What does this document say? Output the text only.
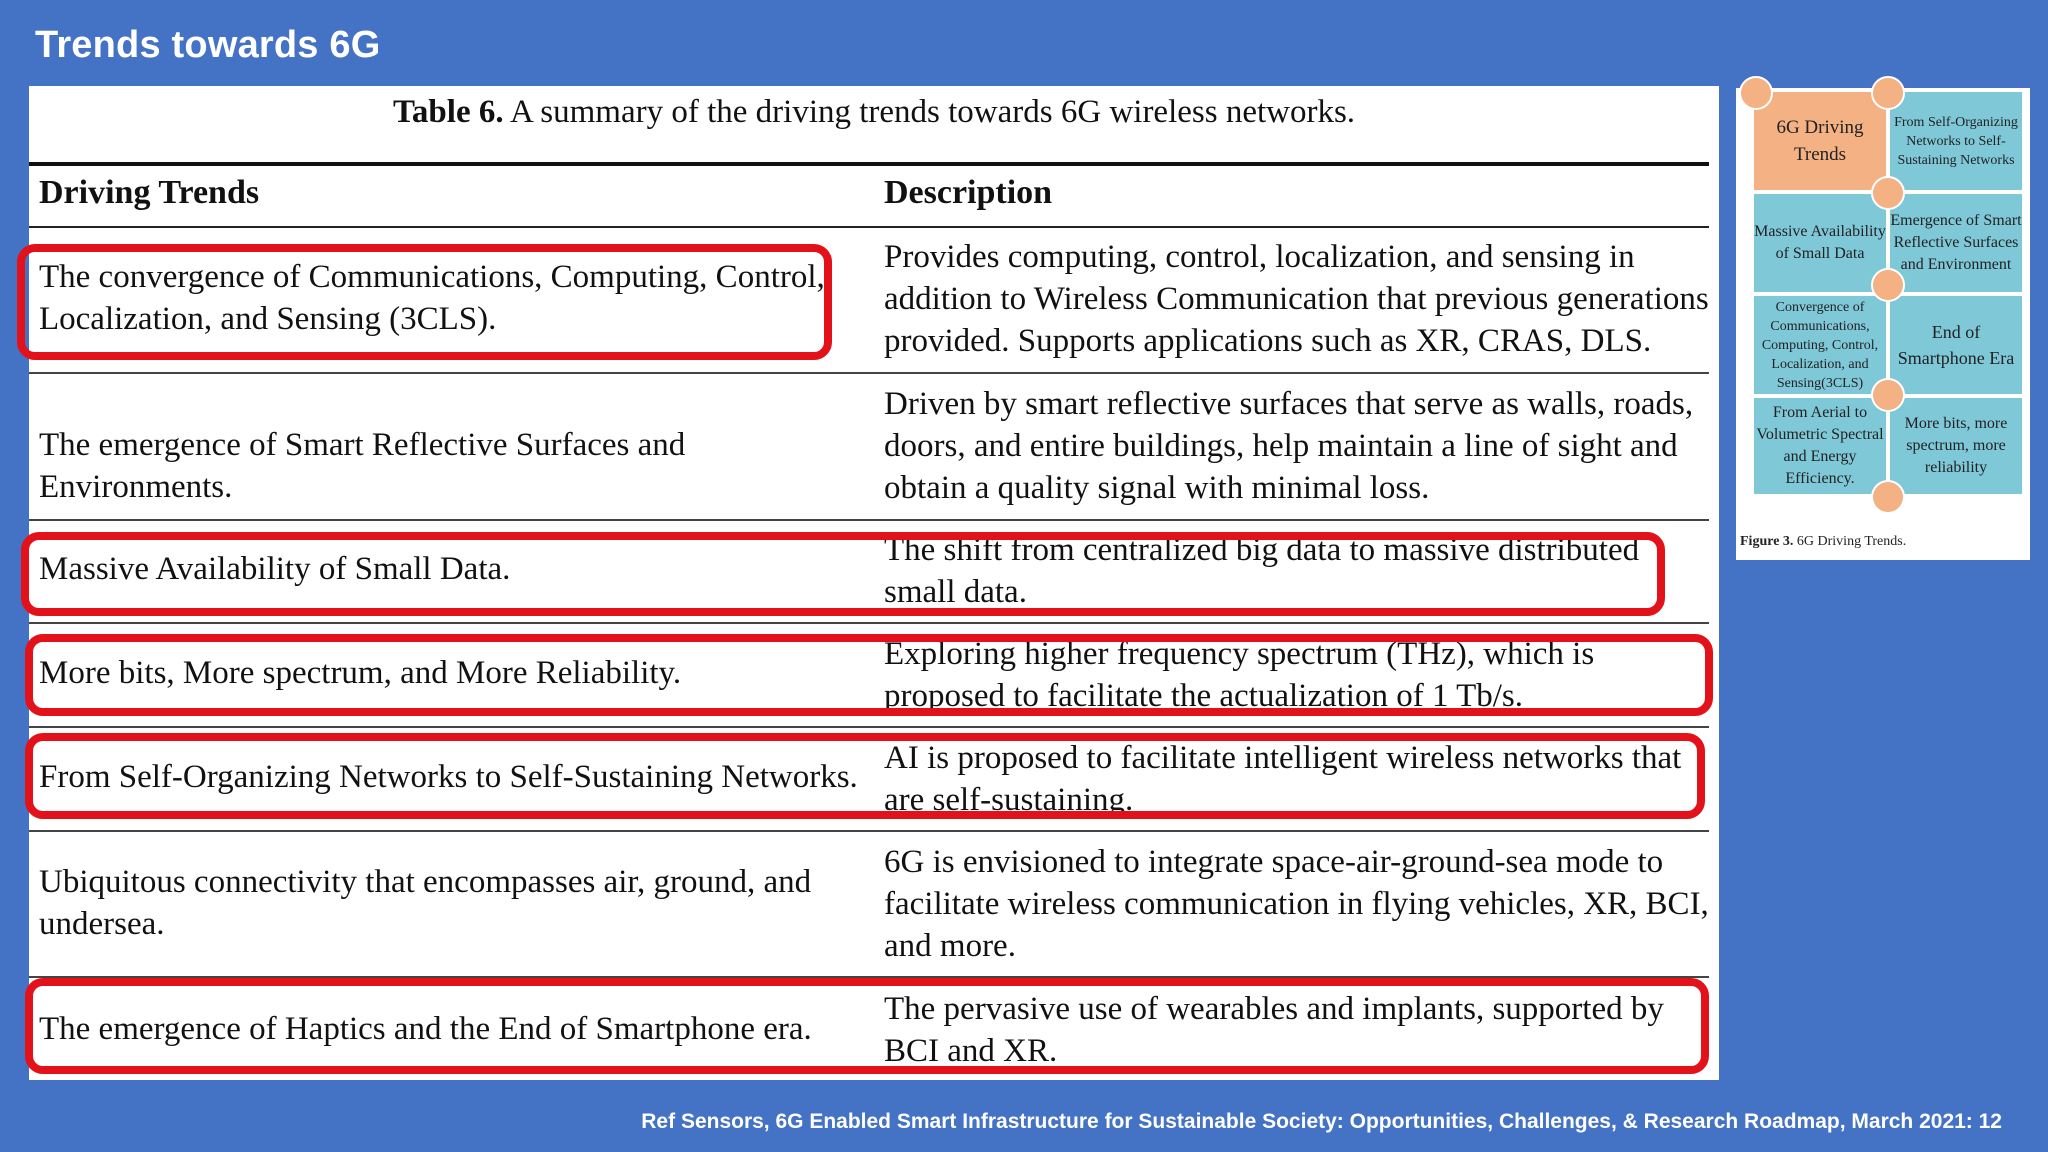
Trends towards 6G
Table 6. A summary of the driving trends towards 6G wireless networks.
Driving Trends	Description
The convergence of Communications, Computing, Control, Localization, and Sensing (3CLS).
Provides computing, control, localization, and sensing in addition to Wireless Communication that previous generations provided. Supports applications such as XR, CRAS, DLS.
The emergence of Smart Reflective Surfaces and Environments.
Driven by smart reflective surfaces that serve as walls, roads, doors, and entire buildings, help maintain a line of sight and obtain a quality signal with minimal loss.
Massive Availability of Small Data.
The shift from centralized big data to massive distributed small data.
More bits, More spectrum, and More Reliability.
Exploring higher frequency spectrum (THz), which is proposed to facilitate the actualization of 1 Tb/s.
From Self-Organizing Networks to Self-Sustaining Networks.
AI is proposed to facilitate intelligent wireless networks that are self-sustaining.
Ubiquitous connectivity that encompasses air, ground, and undersea.
6G is envisioned to integrate space-air-ground-sea mode to facilitate wireless communication in flying vehicles, XR, BCI, and more.
The emergence of Haptics and the End of Smartphone era.
The pervasive use of wearables and implants, supported by BCI and XR.
6G Driving Trends
From Self-Organizing Networks to Self-Sustaining Networks
Massive Availability of Small Data
Emergence of Smart Reflective Surfaces and Environment
Convergence of Communications, Computing, Control, Localization, and Sensing(3CLS)
End of Smartphone Era
From Aerial to Volumetric Spectral and Energy Efficiency.
More bits, more spectrum, more reliability
Figure 3. 6G Driving Trends.
Ref Sensors, 6G Enabled Smart Infrastructure for Sustainable Society: Opportunities, Challenges, & Research Roadmap, March 2021: 12
